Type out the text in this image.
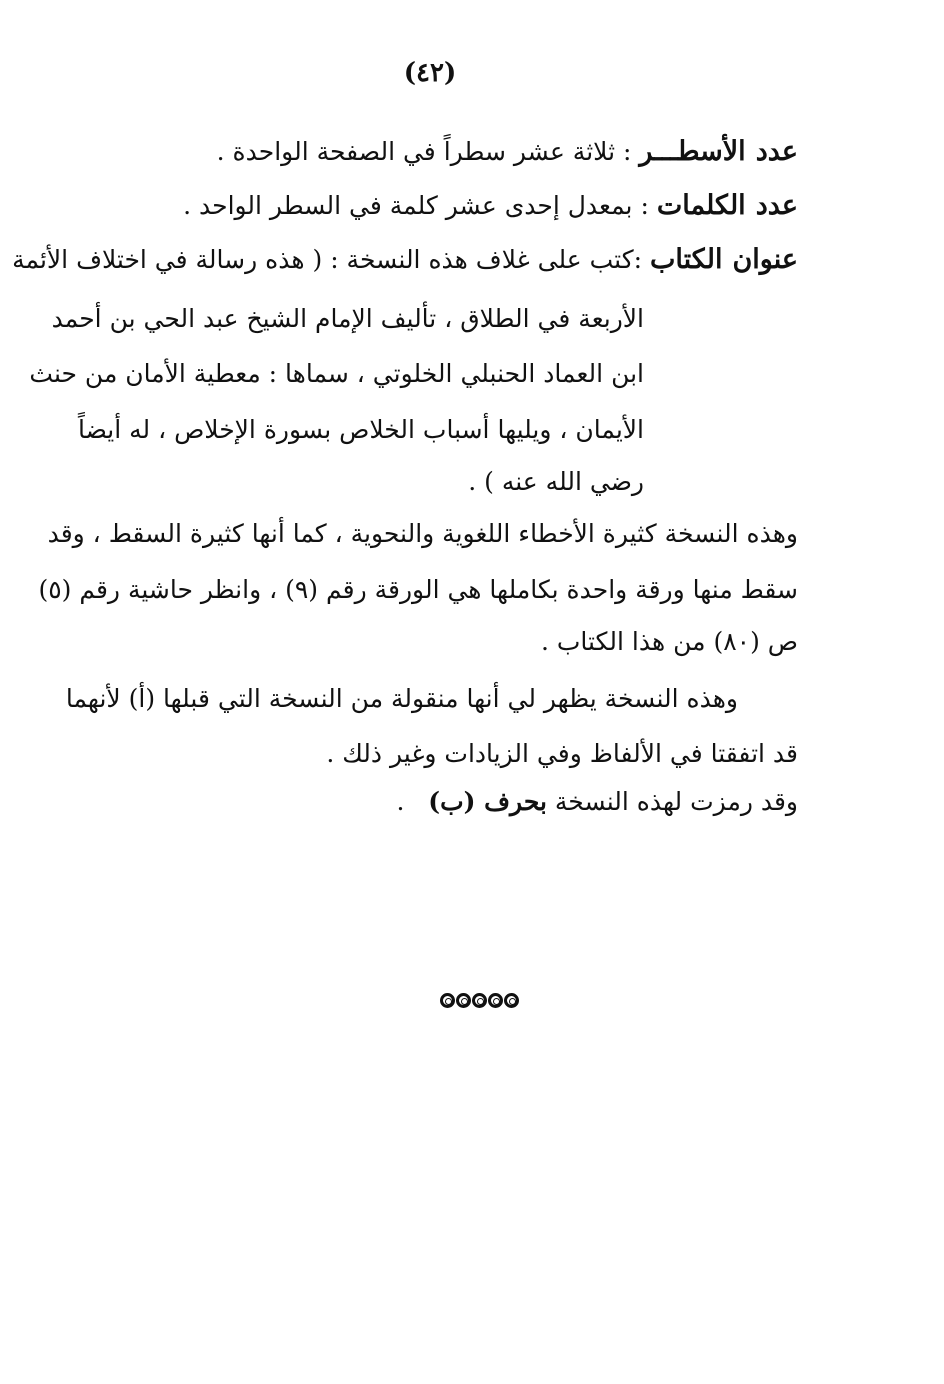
(٤٢)
عددالأسطـــر : ثلاثة عشر سطراً في الصفحة الواحدة .
عددالكلمات : بمعدل إحدى عشر كلمة في السطر الواحد .
عنوانالكتاب :كتب على غلاف هذه النسخة : ( هذه رسالة في اختلاف الأئمة
الأربعة في الطلاق ، تأليف الإمام الشيخ عبد الحي بن أحمد
ابن العماد الحنبلي الخلوتي ، سماها : معطية الأمان من حنث
الأيمان ، ويليها أسباب الخلاص بسورة الإخلاص ، له أيضاً
رضي الله عنه ) .
وهذه النسخة كثيرة الأخطاء اللغوية والنحوية ، كما أنها كثيرة السقط ، وقد
سقط منها ورقة واحدة بكاملها هي الورقة رقم (٩) ، وانظر حاشية رقم (٥)
ص (٨٠) من هذا الكتاب .
وهذه النسخة يظهر لي أنها منقولة من النسخة التي قبلها (أ) لأنهما
قد اتفقتا في الألفاظ وفي الزيادات وغير ذلك .
وقد رمزت لهذه النسخة بحرف (ب)   .
